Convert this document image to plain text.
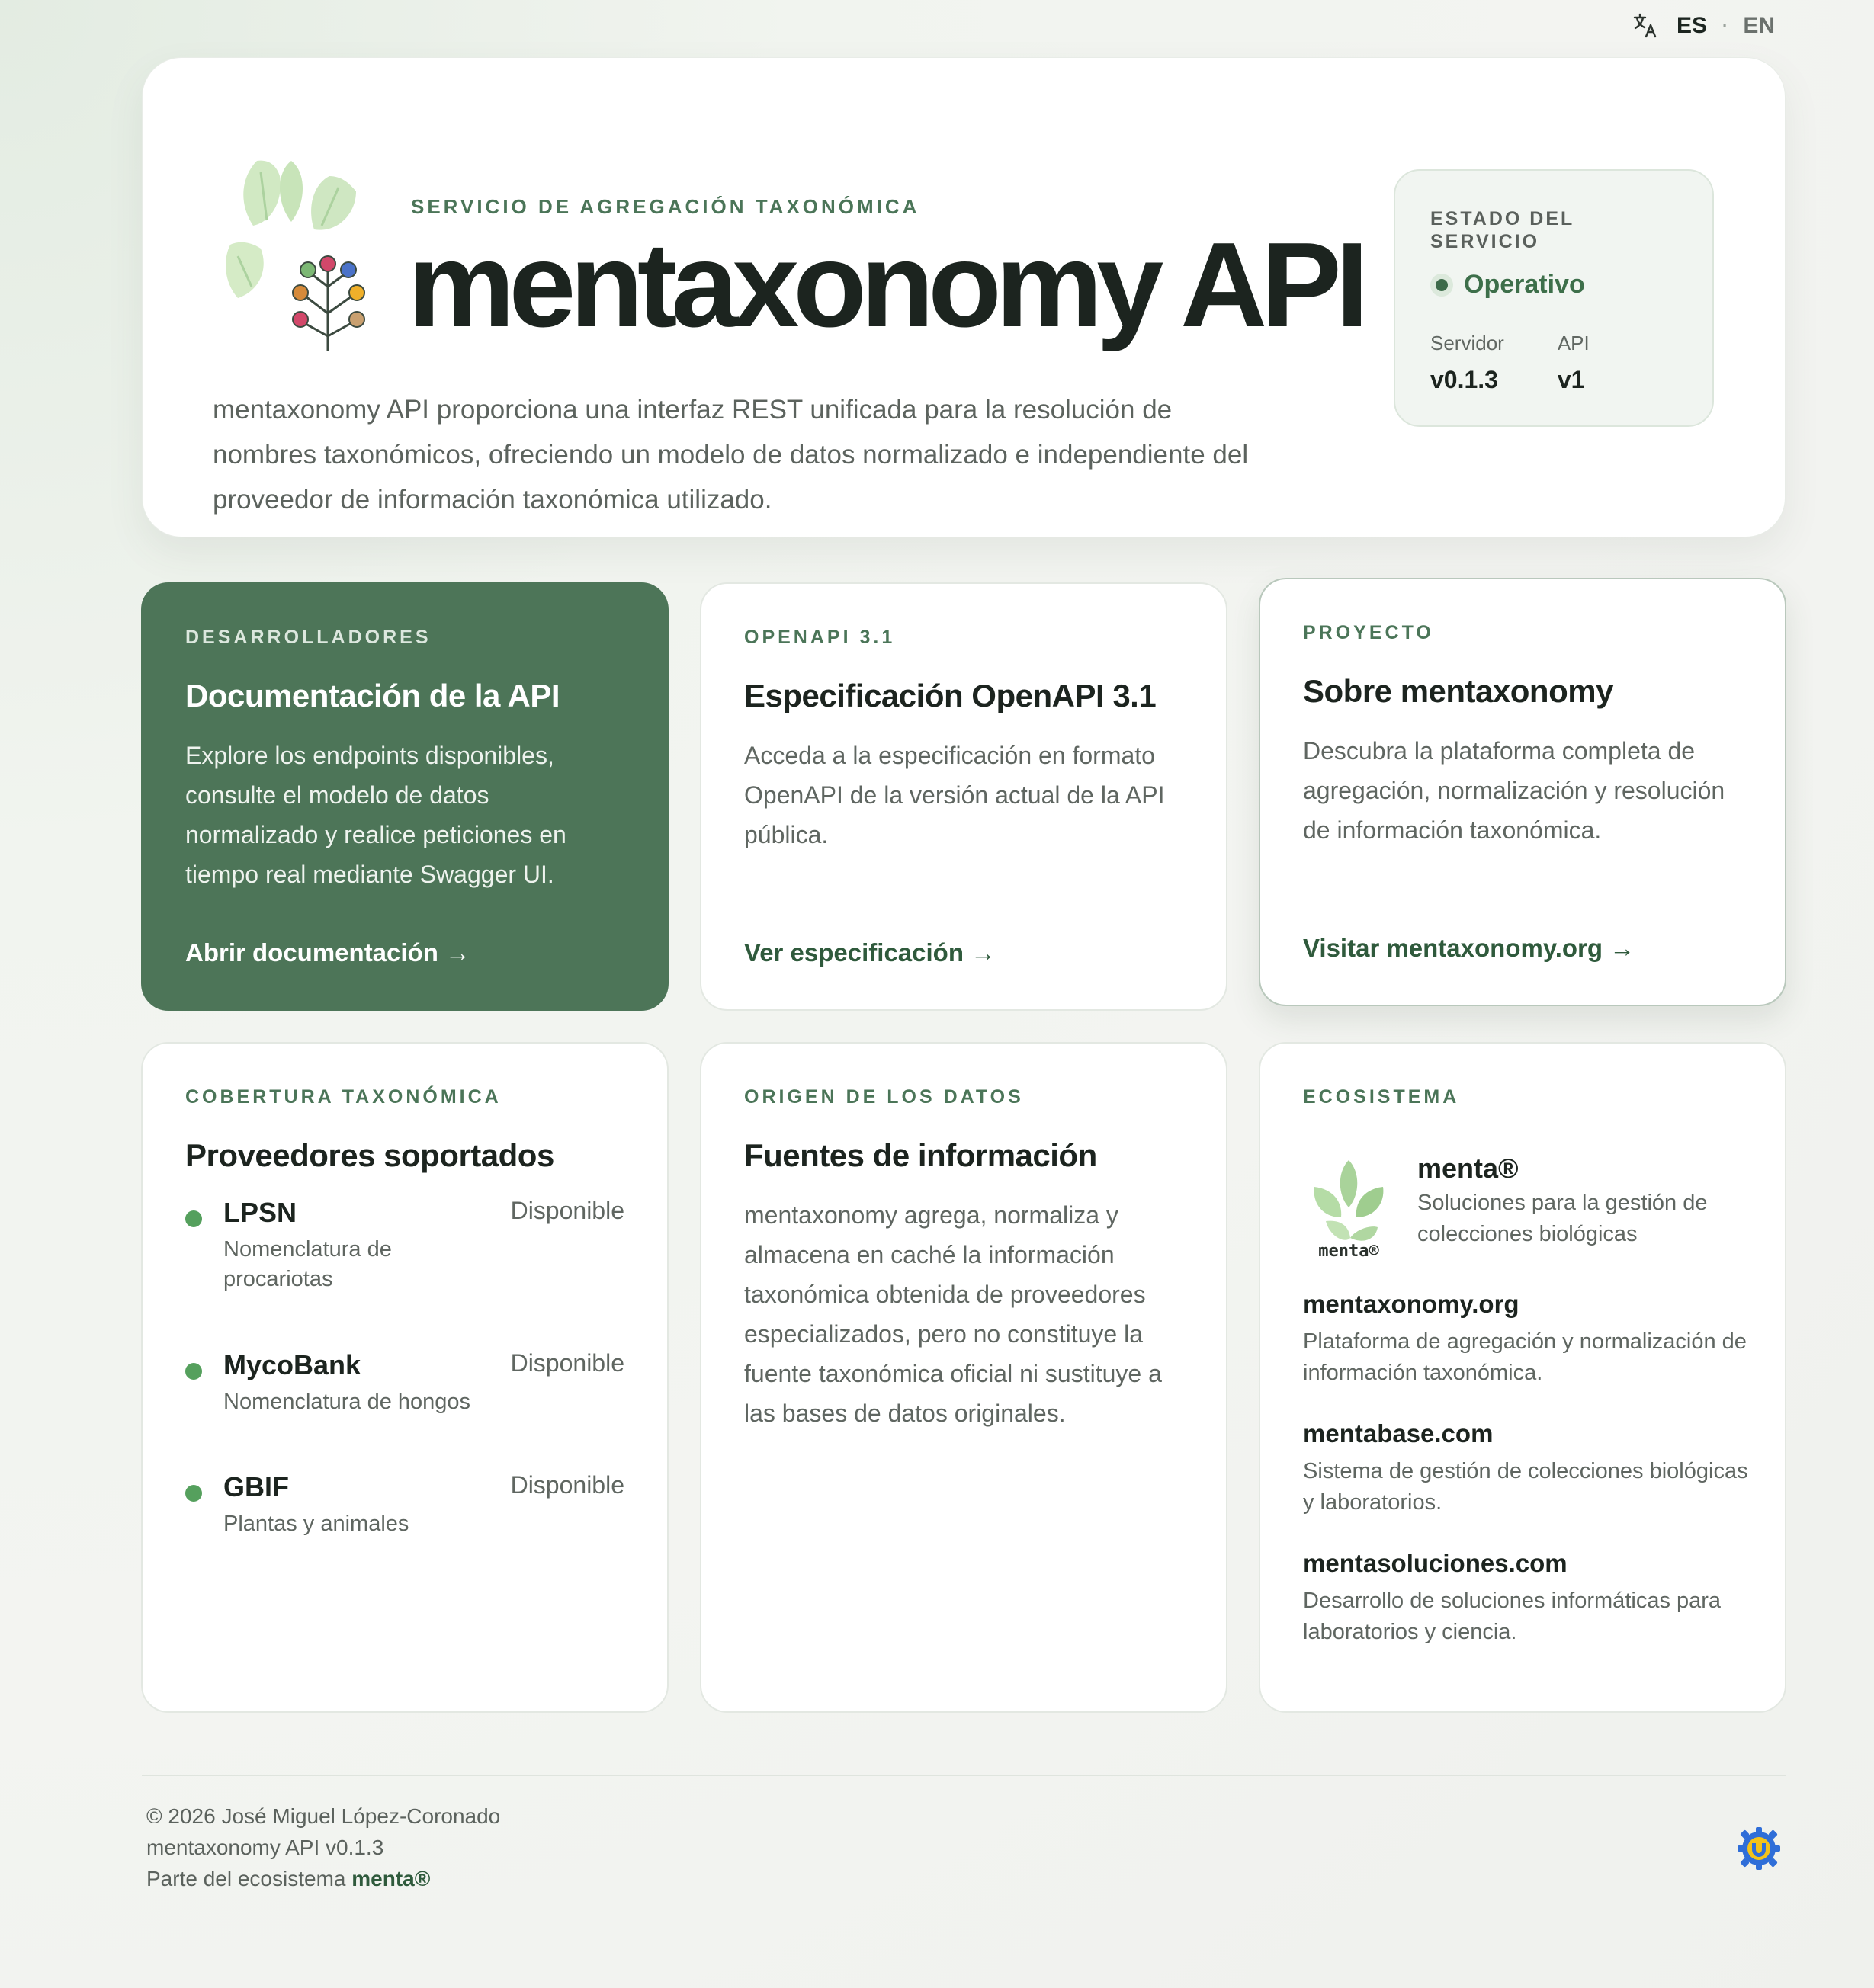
ES · EN
SERVICIO DE AGREGACIÓN TAXONÓMICA
mentaxonomy API

mentaxonomy API proporciona una interfaz REST unificada para la resolución de nombres taxonómicos, ofreciendo un modelo de datos normalizado e independiente del proveedor de información taxonómica utilizado.

ESTADO DEL SERVICIO
Operativo
Servidor
v0.1.3
API
v1
DESARROLLADORES
Documentación de la API
Explore los endpoints disponibles, consulte el modelo de datos normalizado y realice peticiones en tiempo real mediante Swagger UI.
Abrir documentación →
OPENAPI 3.1
Especificación OpenAPI 3.1
Acceda a la especificación en formato OpenAPI de la versión actual de la API pública.
Ver especificación →
PROYECTO
Sobre mentaxonomy
Descubra la plataforma completa de agregación, normalización y resolución de información taxonómica.
Visitar mentaxonomy.org →
COBERTURA TAXONÓMICA
Proveedores soportados
LPSN
Nomenclatura de procariotas
Disponible
MycoBank
Nomenclatura de hongos
Disponible
GBIF
Plantas y animales
Disponible
ORIGEN DE LOS DATOS
Fuentes de información
mentaxonomy agrega, normaliza y almacena en caché la información taxonómica obtenida de proveedores especializados, pero no constituye la fuente taxonómica oficial ni sustituye a las bases de datos originales.
ECOSISTEMA
menta®
menta®
Soluciones para la gestión de colecciones biológicas
mentaxonomy.org
Plataforma de agregación y normalización de información taxonómica.
mentabase.com
Sistema de gestión de colecciones biológicas y laboratorios.
mentasoluciones.com
Desarrollo de soluciones informáticas para laboratorios y ciencia.
© 2026 José Miguel López-Coronado
mentaxonomy API v0.1.3
Parte del ecosistema menta®
